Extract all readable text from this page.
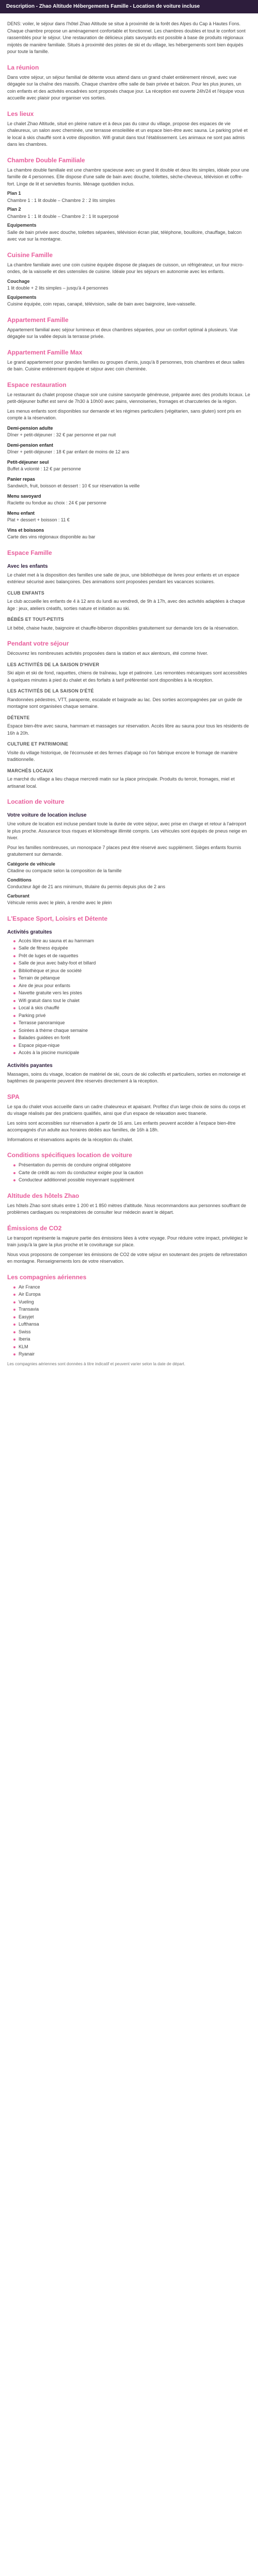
Description - Zhao Altitude Hébergements Famille - Location de voiture incluse

DENS: voiler, le séjour dans l'hôtel Zhao Altitude se situe à proximité de la forêt des Alpes du Cap à Hautes Fons. Chaque chambre propose un aménagement confortable et fonctionnel. Les chambres doubles et tout le confort sont rassemblés pour le séjour. Une restauration de délicieux plats savoyards est possible à base de produits régionaux mijotés de manière familiale. Situés à proximité des pistes de ski et du village, les hébergements sont bien équipés pour toute la famille.

La réunion

Dans votre séjour, un séjour familial de détente vous attend dans un grand chalet entièrement rénové, avec vue dégagée sur la chaîne des massifs. Chaque chambre offre salle de bain privée et balcon. Pour les plus jeunes, un coin enfants et des activités encadrées sont proposés chaque jour. La réception est ouverte 24h/24 et l'équipe vous accueille avec plaisir pour organiser vos sorties.

Les lieux

Le chalet Zhao Altitude, situé en pleine nature et à deux pas du cœur du village, propose des espaces de vie chaleureux, un salon avec cheminée, une terrasse ensoleillée et un espace bien-être avec sauna. Le parking privé et le local à skis chauffé sont à votre disposition. Wifi gratuit dans tout l'établissement. Les animaux ne sont pas admis dans les chambres.

Chambre Double Familiale

La chambre double familiale est une chambre spacieuse avec un grand lit double et deux lits simples, idéale pour une famille de 4 personnes. Elle dispose d'une salle de bain avec douche, toilettes, sèche-cheveux, télévision et coffre-fort. Linge de lit et serviettes fournis. Ménage quotidien inclus.

Plan 1
Chambre 1 : 1 lit double – Chambre 2 : 2 lits simples
Plan 2
Chambre 1 : 1 lit double – Chambre 2 : 1 lit superposé
Equipements
Salle de bain privée avec douche, toilettes séparées, télévision écran plat, téléphone, bouilloire, chauffage, balcon avec vue sur la montagne.
Cuisine Famille

La chambre familiale avec une coin cuisine équipée dispose de plaques de cuisson, un réfrigérateur, un four micro-ondes, de la vaisselle et des ustensiles de cuisine. Idéale pour les séjours en autonomie avec les enfants.

Couchage
1 lit double + 2 lits simples – jusqu'à 4 personnes
Equipements
Cuisine équipée, coin repas, canapé, télévision, salle de bain avec baignoire, lave-vaisselle.
Appartement Famille

Appartement familial avec séjour lumineux et deux chambres séparées, pour un confort optimal à plusieurs. Vue dégagée sur la vallée depuis la terrasse privée.

Appartement Famille Max

Le grand appartement pour grandes familles ou groupes d'amis, jusqu'à 8 personnes, trois chambres et deux salles de bain. Cuisine entièrement équipée et séjour avec coin cheminée.

Espace restauration

Le restaurant du chalet propose chaque soir une cuisine savoyarde généreuse, préparée avec des produits locaux. Le petit-déjeuner buffet est servi de 7h30 à 10h00 avec pains, viennoiseries, fromages et charcuteries de la région.

Les menus enfants sont disponibles sur demande et les régimes particuliers (végétarien, sans gluten) sont pris en compte à la réservation.

Demi-pension adulte
Dîner + petit-déjeuner : 32 € par personne et par nuit
Demi-pension enfant
Dîner + petit-déjeuner : 18 € par enfant de moins de 12 ans
Petit-déjeuner seul
Buffet à volonté : 12 € par personne
Panier repas
Sandwich, fruit, boisson et dessert : 10 € sur réservation la veille
Menu savoyard
Raclette ou fondue au choix : 24 € par personne
Menu enfant
Plat + dessert + boisson : 11 €
Vins et boissons
Carte des vins régionaux disponible au bar
Espace Famille
Avec les enfants

Le chalet met à la disposition des familles une salle de jeux, une bibliothèque de livres pour enfants et un espace extérieur sécurisé avec balançoires. Des animations sont proposées pendant les vacances scolaires.

CLUB ENFANTS

Le club accueille les enfants de 4 à 12 ans du lundi au vendredi, de 9h à 17h, avec des activités adaptées à chaque âge : jeux, ateliers créatifs, sorties nature et initiation au ski.

BÉBÉS ET TOUT-PETITS

Lit bébé, chaise haute, baignoire et chauffe-biberon disponibles gratuitement sur demande lors de la réservation.

Pendant votre séjour

Découvrez les nombreuses activités proposées dans la station et aux alentours, été comme hiver.

LES ACTIVITÉS DE LA SAISON D'HIVER

Ski alpin et ski de fond, raquettes, chiens de traîneau, luge et patinoire. Les remontées mécaniques sont accessibles à quelques minutes à pied du chalet et des forfaits à tarif préférentiel sont disponibles à la réception.

LES ACTIVITÉS DE LA SAISON D'ÉTÉ

Randonnées pédestres, VTT, parapente, escalade et baignade au lac. Des sorties accompagnées par un guide de montagne sont organisées chaque semaine.

DÉTENTE

Espace bien-être avec sauna, hammam et massages sur réservation. Accès libre au sauna pour tous les résidents de 16h à 20h.

CULTURE ET PATRIMOINE

Visite du village historique, de l'écomusée et des fermes d'alpage où l'on fabrique encore le fromage de manière traditionnelle.

MARCHÉS LOCAUX

Le marché du village a lieu chaque mercredi matin sur la place principale. Produits du terroir, fromages, miel et artisanat local.

Location de voiture
Votre voiture de location incluse

Une voiture de location est incluse pendant toute la durée de votre séjour, avec prise en charge et retour à l'aéroport le plus proche. Assurance tous risques et kilométrage illimité compris. Les véhicules sont équipés de pneus neige en hiver.

Pour les familles nombreuses, un monospace 7 places peut être réservé avec supplément. Sièges enfants fournis gratuitement sur demande.

Catégorie de véhicule
Citadine ou compacte selon la composition de la famille
Conditions
Conducteur âgé de 21 ans minimum, titulaire du permis depuis plus de 2 ans
Carburant
Véhicule remis avec le plein, à rendre avec le plein
L'Espace Sport, Loisirs et Détente
Activités gratuites
Accès libre au sauna et au hammam
Salle de fitness équipée
Prêt de luges et de raquettes
Salle de jeux avec baby-foot et billard
Bibliothèque et jeux de société
Terrain de pétanque
Aire de jeux pour enfants
Navette gratuite vers les pistes
Wifi gratuit dans tout le chalet
Local à skis chauffé
Parking privé
Terrasse panoramique
Soirées à thème chaque semaine
Balades guidées en forêt
Espace pique-nique
Accès à la piscine municipale
Activités payantes

Massages, soins du visage, location de matériel de ski, cours de ski collectifs et particuliers, sorties en motoneige et baptêmes de parapente peuvent être réservés directement à la réception.

SPA

Le spa du chalet vous accueille dans un cadre chaleureux et apaisant. Profitez d'un large choix de soins du corps et du visage réalisés par des praticiens qualifiés, ainsi que d'un espace de relaxation avec tisanerie.

Les soins sont accessibles sur réservation à partir de 16 ans. Les enfants peuvent accéder à l'espace bien-être accompagnés d'un adulte aux horaires dédiés aux familles, de 16h à 18h.

Informations et réservations auprès de la réception du chalet.

Conditions spécifiques location de voiture
Présentation du permis de conduire original obligatoire
Carte de crédit au nom du conducteur exigée pour la caution
Conducteur additionnel possible moyennant supplément
Altitude des hôtels Zhao

Les hôtels Zhao sont situés entre 1 200 et 1 850 mètres d'altitude. Nous recommandons aux personnes souffrant de problèmes cardiaques ou respiratoires de consulter leur médecin avant le départ.

Émissions de CO2

Le transport représente la majeure partie des émissions liées à votre voyage. Pour réduire votre impact, privilégiez le train jusqu'à la gare la plus proche et le covoiturage sur place.

Nous vous proposons de compenser les émissions de CO2 de votre séjour en soutenant des projets de reforestation en montagne. Renseignements lors de votre réservation.

Les compagnies aériennes
Air France
Air Europa
Vueling
Transavia
Easyjet
Lufthansa
Swiss
Iberia
KLM
Ryanair

Les compagnies aériennes sont données à titre indicatif et peuvent varier selon la date de départ.
